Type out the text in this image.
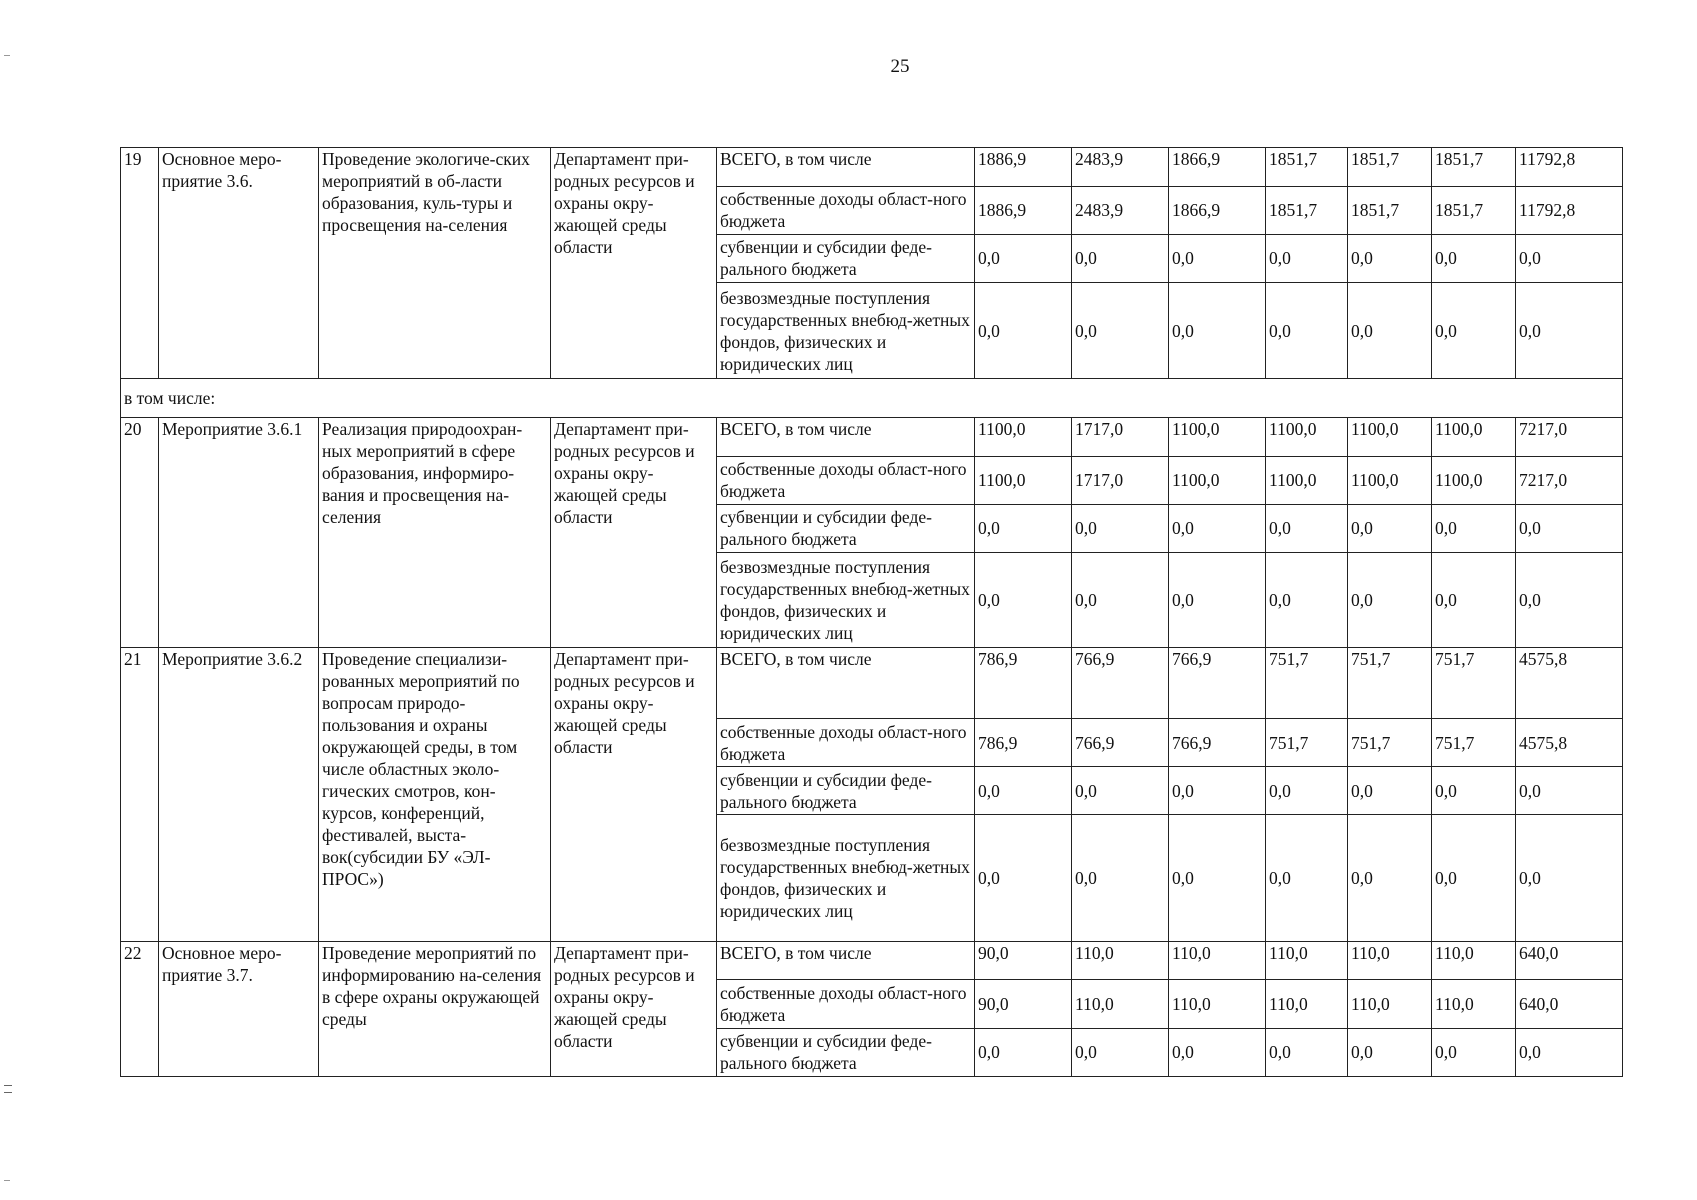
25
19	Основное меро-приятие 3.6.	Проведение экологиче-ских мероприятий в об-ласти образования, куль-туры и просвещения на-селения	Департамент при-родных ресурсов и охраны окру-жающей среды области	ВСЕГО, в том числе	1886,9	2483,9	1866,9	1851,7	1851,7	1851,7	11792,8
				собственные доходы област-ного бюджета	1886,9	2483,9	1866,9	1851,7	1851,7	1851,7	11792,8
				субвенции и субсидии феде-рального бюджета	0,0	0,0	0,0	0,0	0,0	0,0	0,0
				безвозмездные поступления государственных внебюд-жетных фондов, физических и юридических лиц	0,0	0,0	0,0	0,0	0,0	0,0	0,0
в том числе:											
20	Мероприятие 3.6.1	Реализация природоохран-ных мероприятий в сфере образования, информиро-вания и просвещения на-селения	Департамент при-родных ресурсов и охраны окру-жающей среды области	ВСЕГО, в том числе	1100,0	1717,0	1100,0	1100,0	1100,0	1100,0	7217,0
				собственные доходы област-ного бюджета	1100,0	1717,0	1100,0	1100,0	1100,0	1100,0	7217,0
				субвенции и субсидии феде-рального бюджета	0,0	0,0	0,0	0,0	0,0	0,0	0,0
				безвозмездные поступления государственных внебюд-жетных фондов, физических и юридических лиц	0,0	0,0	0,0	0,0	0,0	0,0	0,0
21	Мероприятие 3.6.2	Проведение специализи-рованных мероприятий по вопросам природо-пользования и охраны окружающей среды, в том числе областных эколо-гических смотров, кон-курсов, конференций, фестивалей, выста-вок(субсидии БУ «ЭЛ-ПРОС»)	Департамент при-родных ресурсов и охраны окру-жающей среды области	ВСЕГО, в том числе	786,9	766,9	766,9	751,7	751,7	751,7	4575,8
				собственные доходы област-ного бюджета	786,9	766,9	766,9	751,7	751,7	751,7	4575,8
				субвенции и субсидии феде-рального бюджета	0,0	0,0	0,0	0,0	0,0	0,0	0,0
				безвозмездные поступления государственных внебюд-жетных фондов, физических и юридических лиц	0,0	0,0	0,0	0,0	0,0	0,0	0,0
22	Основное меро-приятие 3.7.	Проведение мероприятий по информированию на-селения в сфере охраны окружающей среды	Департамент при-родных ресурсов и охраны окру-жающей среды области	ВСЕГО, в том числе	90,0	110,0	110,0	110,0	110,0	110,0	640,0
				собственные доходы област-ного бюджета	90,0	110,0	110,0	110,0	110,0	110,0	640,0
				субвенции и субсидии феде-рального бюджета	0,0	0,0	0,0	0,0	0,0	0,0	0,0
